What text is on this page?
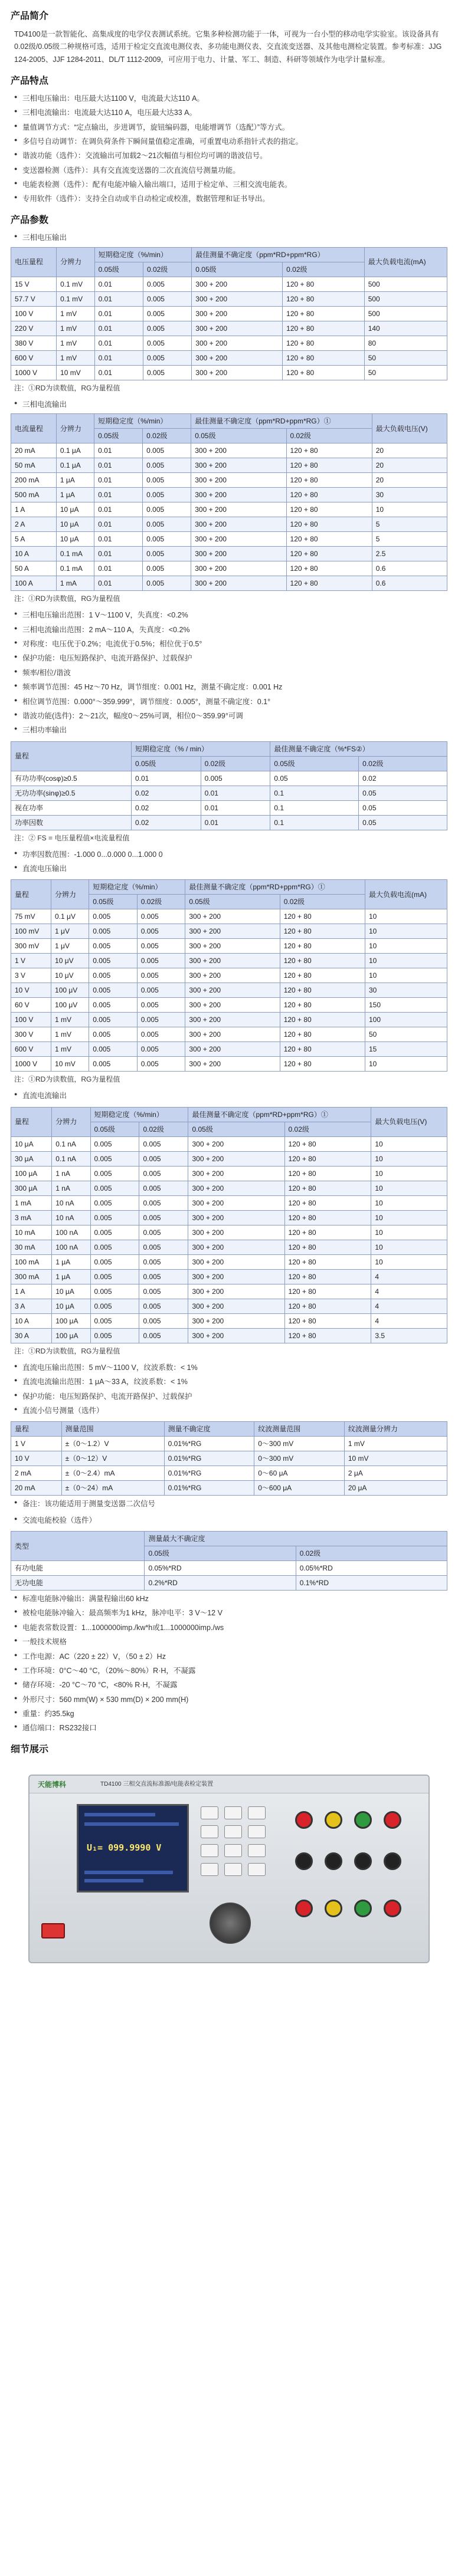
产品简介

TD4100是一款智能化、高集成度的电学仪表测试系统。它集多种检测功能于一体，可视为一台小型的移动电学实验室。该设备具有0.02级/0.05级二种规格可选，适用于检定交直流电测仪表、多功能电测仪表、交直流变送器、及其他电测检定装置。参考标准：JJG 124-2005、JJF 1284-2011、DL/T 1112-2009，可应用于电力、计量、军工、制造、科研等领域作为电学计量标准。

产品特点
● 三相电压输出：电压最大达1100 V，电流最大达110 A。
● 三相电流输出：电流最大达110 A，电压最大达33 A。
● 量值调节方式：“定点输出，步进调节，旋钮编码器，电能增调节（选配）”等方式。
● 多信号自动调节：在调负荷条件下瞬间量值稳定准确，可重置电动系指针式表的指定。
● 谐波功能（选件）：交流输出可加载2～21次幅值与相位均可调的谐波信号。
● 变送器检测（选件）：具有交直流变送器的二次直流信号测量功能。
● 电能表检测（选件）：配有电能冲输入输出端口，适用于检定单、三相交流电能表。
● 专用软件（选件）：支持全自动或半自动检定或校准，数据管理和证书导出。
产品参数
● 三相电压输出
电压量程	分辨力	短期稳定度（%/min）		最佳测量不确定度（ppm*RD+ppm*RG）		最大负载电流(mA)
		0.05级	0.02级	0.05级	0.02级	
15 V	0.1 mV	0.01	0.005	300 + 200	120 + 80	500
57.7 V	0.1 mV	0.01	0.005	300 + 200	120 + 80	500
100 V	1 mV	0.01	0.005	300 + 200	120 + 80	500
220 V	1 mV	0.01	0.005	300 + 200	120 + 80	140
380 V	1 mV	0.01	0.005	300 + 200	120 + 80	80
600 V	1 mV	0.01	0.005	300 + 200	120 + 80	50
1000 V	10 mV	0.01	0.005	300 + 200	120 + 80	50
注：①RD为读数值，RG为量程值
● 三相电流输出
电流量程	分辨力	短期稳定度（%/min）		最佳测量不确定度（ppm*RD+ppm*RG）①		最大负载电压(V)
		0.05级	0.02级	0.05级	0.02级	
20 mA	0.1 μA	0.01	0.005	300 + 200	120 + 80	20
50 mA	0.1 μA	0.01	0.005	300 + 200	120 + 80	20
200 mA	1 μA	0.01	0.005	300 + 200	120 + 80	20
500 mA	1 μA	0.01	0.005	300 + 200	120 + 80	30
1 A	10 μA	0.01	0.005	300 + 200	120 + 80	10
2 A	10 μA	0.01	0.005	300 + 200	120 + 80	5
5 A	10 μA	0.01	0.005	300 + 200	120 + 80	5
10 A	0.1 mA	0.01	0.005	300 + 200	120 + 80	2.5
50 A	0.1 mA	0.01	0.005	300 + 200	120 + 80	0.6
100 A	1 mA	0.01	0.005	300 + 200	120 + 80	0.6
注：①RD为读数值，RG为量程值
● 三相电压输出范围：1 V～1100 V，失真度：<0.2%
● 三相电流输出范围：2 mA～110 A，失真度：<0.2%
● 对称度：电压优于0.2%；电流优于0.5%；相位优于0.5°
● 保护功能：电压短路保护、电流开路保护、过载保护
● 频率/相位/谐波
● 频率调节范围：45 Hz～70 Hz，调节细度：0.001 Hz，测量不确定度：0.001 Hz
● 相位调节范围：0.000°～359.999°，调节细度：0.005°，测量不确定度：0.1°
● 谐波功能(选件)：2～21次，幅度0～25%可调，相位0～359.99°可调
● 三相功率输出
量程	短期稳定度（% / min）		最佳测量不确定度（%*FS②）	
	0.05级	0.02级	0.05级	0.02级
有功功率(cosφ)≥0.5	0.01	0.005	0.05	0.02
无功功率(sinφ)≥0.5	0.02	0.01	0.1	0.05
视在功率	0.02	0.01	0.1	0.05
功率因数	0.02	0.01	0.1	0.05
注：② FS = 电压量程值×电流量程值
● 功率因数范围：-1.000 0...0.000 0...1.000 0
● 直流电压输出
量程	分辨力	短期稳定度（%/min）		最佳测量不确定度（ppm*RD+ppm*RG）①		最大负载电流(mA)
		0.05级	0.02级	0.05级	0.02级	
75 mV	0.1 μV	0.005	0.005	300 + 200	120 + 80	10
100 mV	1 μV	0.005	0.005	300 + 200	120 + 80	10
300 mV	1 μV	0.005	0.005	300 + 200	120 + 80	10
1 V	10 μV	0.005	0.005	300 + 200	120 + 80	10
3 V	10 μV	0.005	0.005	300 + 200	120 + 80	10
10 V	100 μV	0.005	0.005	300 + 200	120 + 80	30
60 V	100 μV	0.005	0.005	300 + 200	120 + 80	150
100 V	1 mV	0.005	0.005	300 + 200	120 + 80	100
300 V	1 mV	0.005	0.005	300 + 200	120 + 80	50
600 V	1 mV	0.005	0.005	300 + 200	120 + 80	15
1000 V	10 mV	0.005	0.005	300 + 200	120 + 80	10
注：①RD为读数值，RG为量程值
● 直流电流输出
量程	分辨力	短期稳定度（%/min）		最佳测量不确定度（ppm*RD+ppm*RG）①		最大负载电压(V)
		0.05级	0.02级	0.05级	0.02级	
10 μA	0.1 nA	0.005	0.005	300 + 200	120 + 80	10
30 μA	0.1 nA	0.005	0.005	300 + 200	120 + 80	10
100 μA	1 nA	0.005	0.005	300 + 200	120 + 80	10
300 μA	1 nA	0.005	0.005	300 + 200	120 + 80	10
1 mA	10 nA	0.005	0.005	300 + 200	120 + 80	10
3 mA	10 nA	0.005	0.005	300 + 200	120 + 80	10
10 mA	100 nA	0.005	0.005	300 + 200	120 + 80	10
30 mA	100 nA	0.005	0.005	300 + 200	120 + 80	10
100 mA	1 μA	0.005	0.005	300 + 200	120 + 80	10
300 mA	1 μA	0.005	0.005	300 + 200	120 + 80	4
1 A	10 μA	0.005	0.005	300 + 200	120 + 80	4
3 A	10 μA	0.005	0.005	300 + 200	120 + 80	4
10 A	100 μA	0.005	0.005	300 + 200	120 + 80	4
30 A	100 μA	0.005	0.005	300 + 200	120 + 80	3.5
注：①RD为读数值，RG为量程值
● 直流电压输出范围：5 mV～1100 V，纹波系数：< 1%
● 直流电流输出范围：1 μA～33 A，纹波系数：< 1%
● 保护功能：电压短路保护、电流开路保护、过载保护
● 直流小信号测量（选件）
量程	测量范围	测量不确定度	纹波测量范围	纹波测量分辨力
1 V	±（0～1.2）V	0.01%*RG	0～300 mV	1 mV
10 V	±（0～12）V	0.01%*RG	0～300 mV	10 mV
2 mA	±（0～2.4）mA	0.01%*RG	0～60 μA	2 μA
20 mA	±（0～24）mA	0.01%*RG	0～600 μA	20 μA
● 备注：该功能适用于测量变送器二次信号
● 交流电能校验（选件）
类型	测量最大不确定度	
	0.05级	0.02级
有功电能	0.05%*RD	0.05%*RD
无功电能	0.2%*RD	0.1%*RD
● 标准电能脉冲输出：满量程输出60 kHz
● 被检电能脉冲输入：最高频率为1 kHz，脉冲电平：3 V～12 V
● 电能表常数设置：1...1000000imp./kw*h或1...1000000imp./ws
● 一般技术规格
● 工作电源：AC（220 ± 22）V，（50 ± 2）Hz
● 工作环境：0°C～40 °C，（20%～80%）R·H，不凝露
● 储存环境：-20 °C～70 °C，<80% R·H，不凝露
● 外形尺寸：560 mm(W) × 530 mm(D) × 200 mm(H)
● 重量：约35.5kg
● 通信端口：RS232接口
细节展示
天能博科	TD4100 三相交直流标准源/电能表检定装置
U₁= 099.9990 V
